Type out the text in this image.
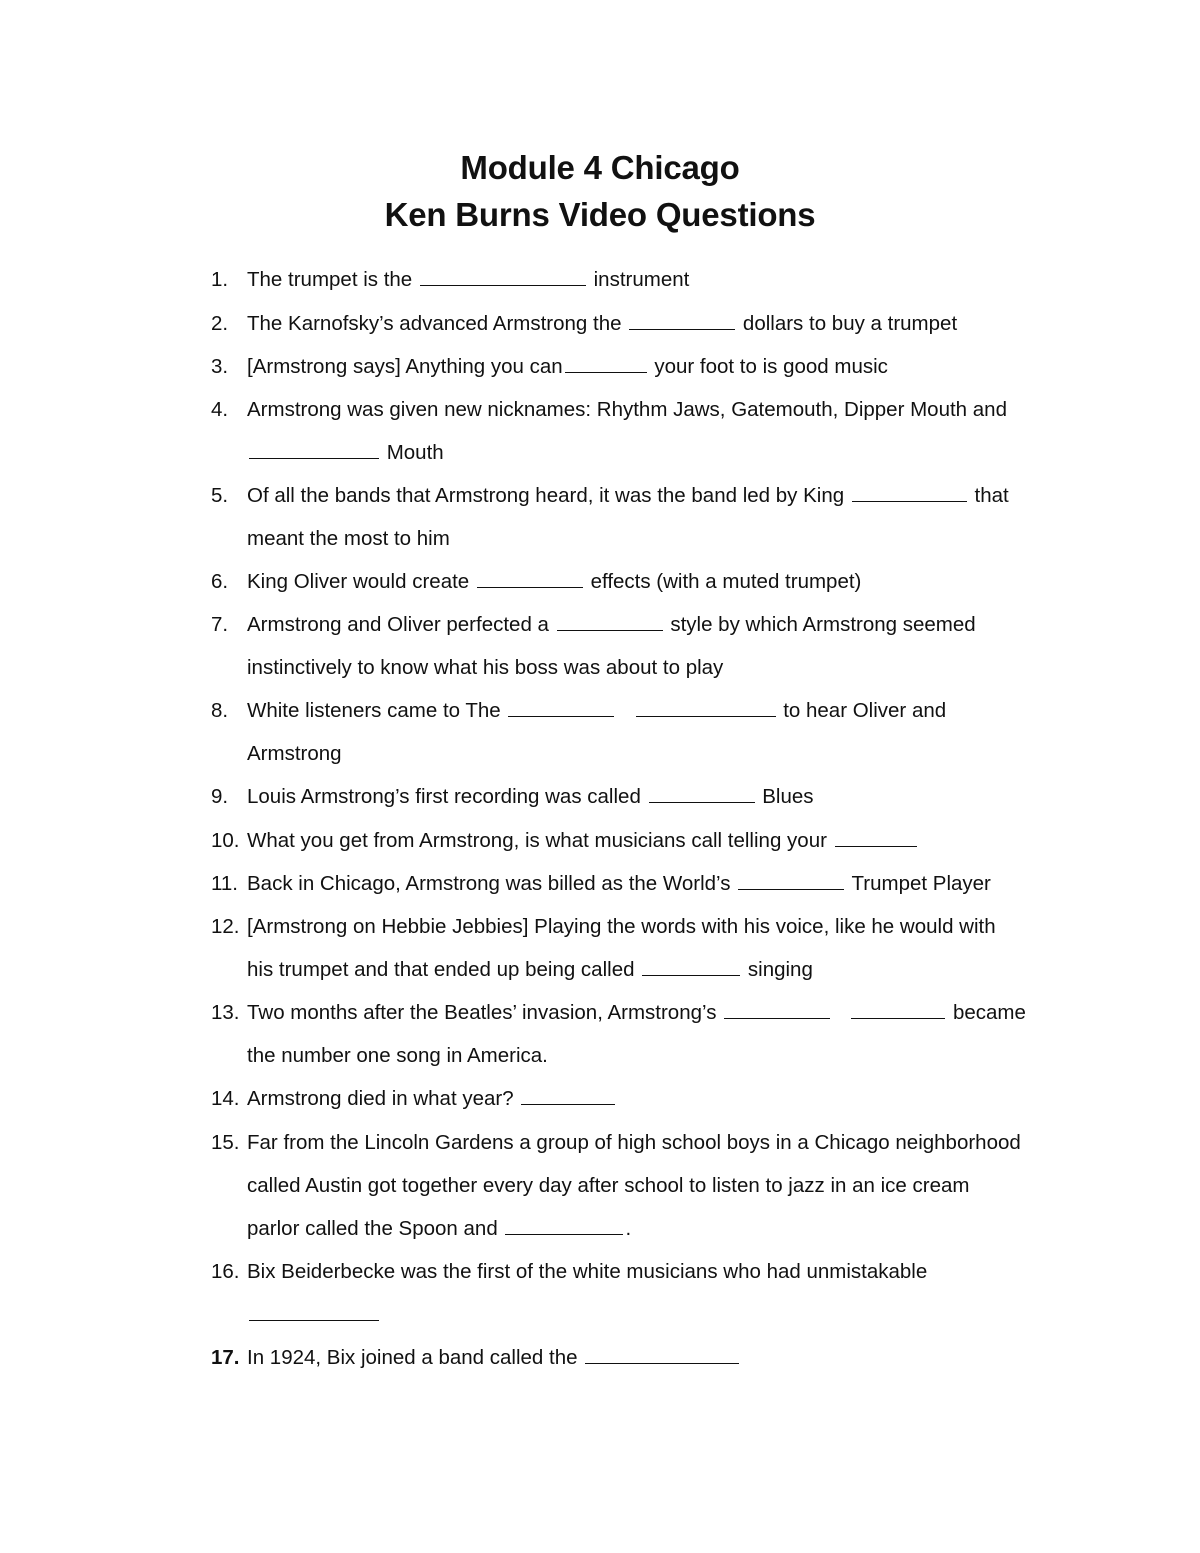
Module 4 Chicago
Ken Burns Video Questions
1. The trumpet is the	instrument
2. The Karnofsky’s advanced Armstrong the	dollars to buy a trumpet
3. [Armstrong says] Anything you can	your foot to is good music
4. Armstrong was given new nicknames: Rhythm Jaws, Gatemouth, Dipper Mouth and
Mouth
5. Of all the bands that Armstrong heard, it was the band led by King	that
meant the most to him
6. King Oliver would create	effects (with a muted trumpet)
7. Armstrong and Oliver perfected a	style by which Armstrong seemed
instinctively to know what his boss was about to play
8. White listeners came to The	to hear Oliver and
Armstrong
9. Louis Armstrong’s first recording was called	Blues
10. What you get from Armstrong, is what musicians call telling your
11. Back in Chicago, Armstrong was billed as the World’s	Trumpet Player
12. [Armstrong on Hebbie Jebbies] Playing the words with his voice, like he would with
his trumpet and that ended up being called	singing
13. Two months after the Beatles’ invasion, Armstrong’s	became
the number one song in America.
14. Armstrong died in what year?
15. Far from the Lincoln Gardens a group of high school boys in a Chicago neighborhood
called Austin got together every day after school to listen to jazz in an ice cream
parlor called the Spoon and	.
16. Bix Beiderbecke was the first of the white musicians who had unmistakable
17. In 1924, Bix joined a band called the
